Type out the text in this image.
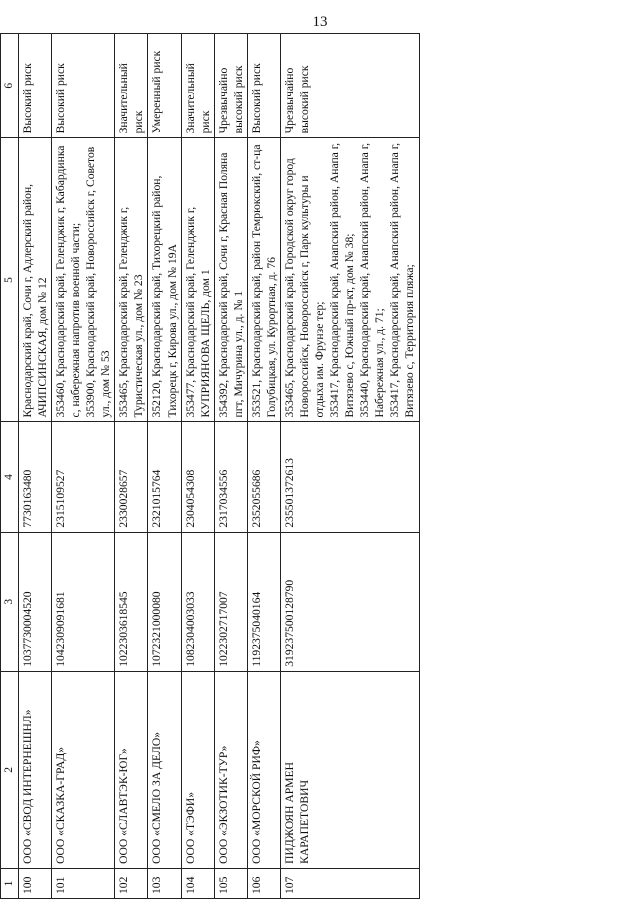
13
1	2	3	4	5	6
100	ООО «СВОД ИНТЕРНЕШНЛ»	1037730004520	7730163480	Краснодарский край, Сочи г, Адлерский район, АЧИПСИНСКАЯ, дом № 12	Высокий риск
101	ООО «СКАЗКА-ГРАД»	1042309091681	2315109527	353460, Краснодарский край, Геленджик г, Кабардинка с, набережная напротив военной части; 353900, Краснодарский край, Новороссийск г, Советов ул., дом № 53	Высокий риск
102	ООО «СЛАВТЭК-ЮГ»	1022303618545	2330028657	353465, Краснодарский край, Геленджик г, Туристическая ул., дом № 23	Значительный риск
103	ООО «СМЕЛО ЗА ДЕЛО»	1072321000080	2321015764	352120, Краснодарский край, Тихорецкий район, Тихорецк г, Кирова ул., дом № 19А	Умеренный риск
104	ООО «ТЭФИ»	1082304003033	2304054308	353477, Краснодарский край, Геленджик г, КУПРИЯНОВА ЩЕЛЬ, дом 1	Значительный риск
105	ООО «ЭКЗОТИК-ТУР»	1022302717007	2317034556	354392, Краснодарский край, Сочи г, Красная Поляна пгт, Мичурина ул., д. № 1	Чрезвычайно высокий риск
106	ООО «МОРСКОЙ РИФ»	1192375040164	2352055686	353521, Краснодарский край, район Темрюкский, ст-ца Голубицкая, ул. Курортная, д. 76	Высокий риск
107	ПИДЖОЯН АРМЕН КАРАПЕТОВИЧ	319237500128790	235501372613	353465, Краснодарский край, Городской округ город Новороссийск, Новороссийск г, Парк культуры и отдыха им. Фрунзе тер; 353417, Краснодарский край, Анапский район, Анапа г, Витязево с, Южный пр-кт, дом № 38; 353440, Краснодарский край, Анапский район, Анапа г, Набережная ул., д. 71; 353417, Краснодарский край, Анапский район, Анапа г, Витязево с, Территория пляжа;	Чрезвычайно высокий риск
